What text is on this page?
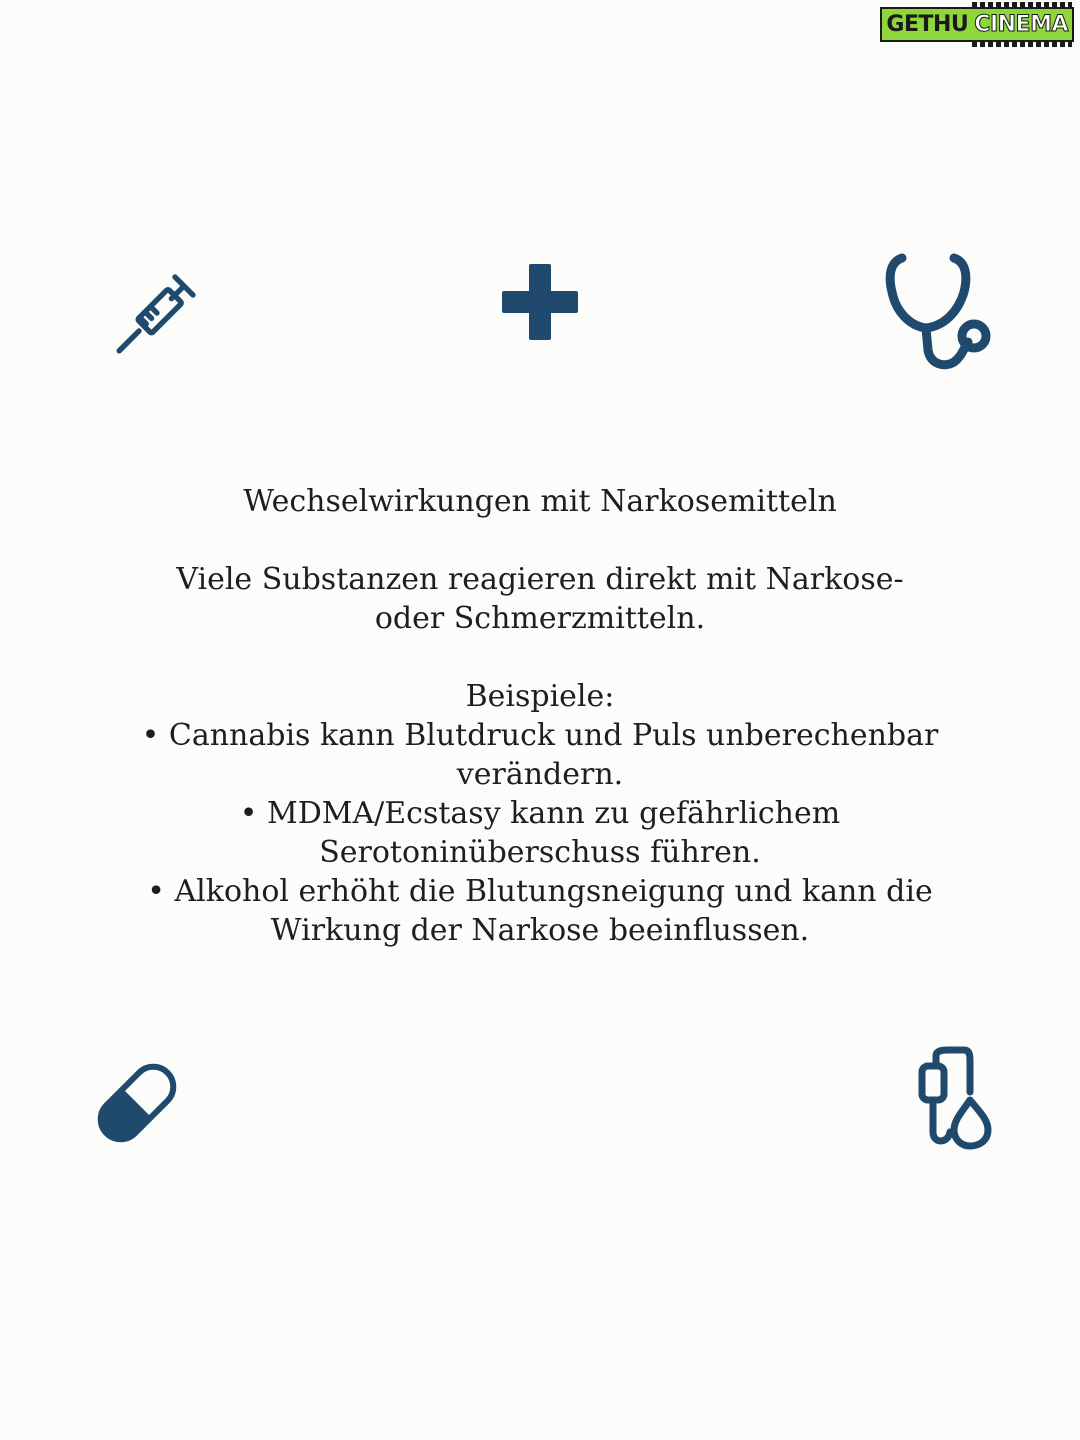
GETHU CINEMA

Wechselwirkungen mit Narkosemitteln

Viele Substanzen reagieren direkt mit Narkose- oder Schmerzmitteln.

Beispiele:

• Cannabis kann Blutdruck und Puls unberechenbar verändern.

• MDMA/Ecstasy kann zu gefährlichem Serotoninüberschuss führen.

• Alkohol erhöht die Blutungsneigung und kann die Wirkung der Narkose beeinflussen.
